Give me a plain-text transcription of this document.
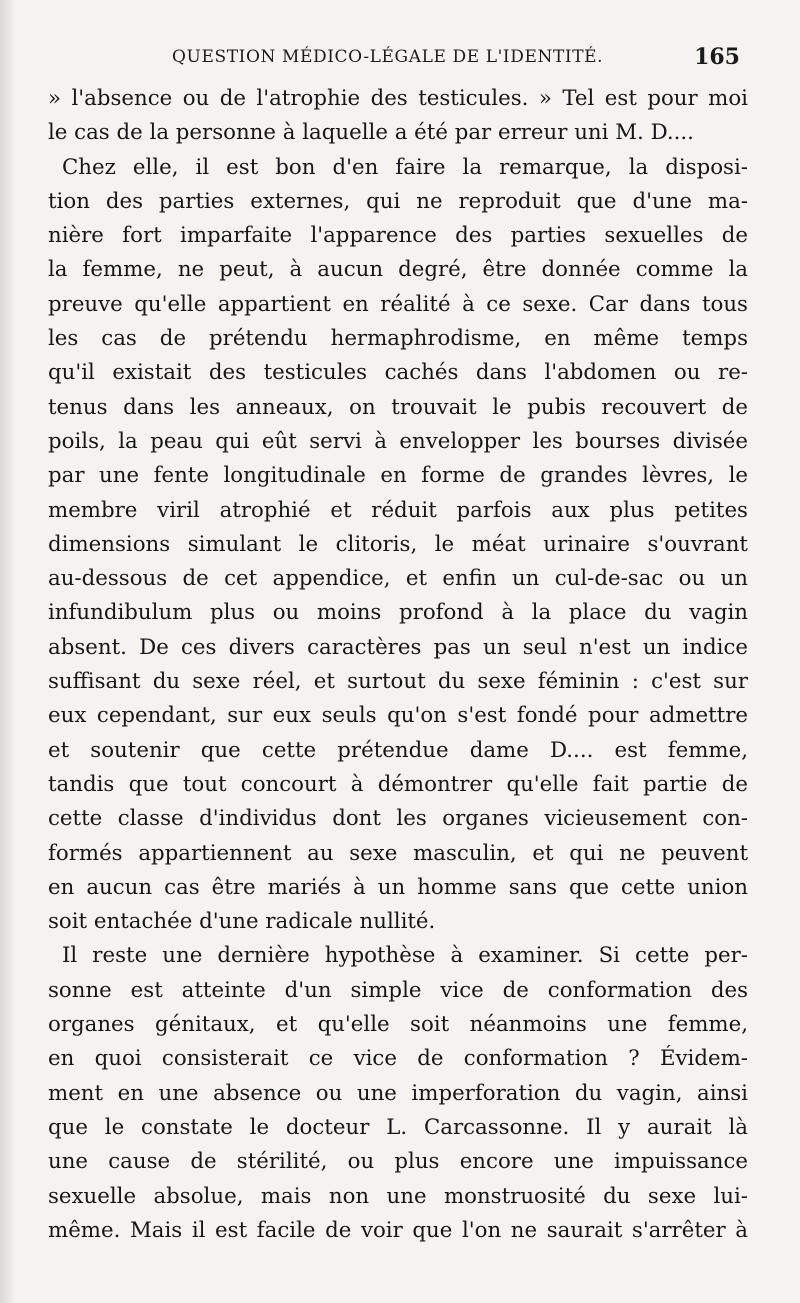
QUESTION MÉDICO-LÉGALE DE L'IDENTITÉ.	165
» l'absence ou de l'atrophie des testicules. » Tel est pour moi
le cas de la personne à laquelle a été par erreur uni M. D....
Chez elle, il est bon d'en faire la remarque, la disposi-
tion des parties externes, qui ne reproduit que d'une ma-
nière fort imparfaite l'apparence des parties sexuelles de
la femme, ne peut, à aucun degré, être donnée comme la
preuve qu'elle appartient en réalité à ce sexe. Car dans tous
les cas de prétendu hermaphrodisme, en même temps
qu'il existait des testicules cachés dans l'abdomen ou re-
tenus dans les anneaux, on trouvait le pubis recouvert de
poils, la peau qui eût servi à envelopper les bourses divisée
par une fente longitudinale en forme de grandes lèvres, le
membre viril atrophié et réduit parfois aux plus petites
dimensions simulant le clitoris, le méat urinaire s'ouvrant
au-dessous de cet appendice, et enfin un cul-de-sac ou un
infundibulum plus ou moins profond à la place du vagin
absent. De ces divers caractères pas un seul n'est un indice
suffisant du sexe réel, et surtout du sexe féminin : c'est sur
eux cependant, sur eux seuls qu'on s'est fondé pour admettre
et soutenir que cette prétendue dame D.... est femme,
tandis que tout concourt à démontrer qu'elle fait partie de
cette classe d'individus dont les organes vicieusement con-
formés appartiennent au sexe masculin, et qui ne peuvent
en aucun cas être mariés à un homme sans que cette union
soit entachée d'une radicale nullité.
Il reste une dernière hypothèse à examiner. Si cette per-
sonne est atteinte d'un simple vice de conformation des
organes génitaux, et qu'elle soit néanmoins une femme,
en quoi consisterait ce vice de conformation ? Évidem-
ment en une absence ou une imperforation du vagin, ainsi
que le constate le docteur L. Carcassonne. Il y aurait là
une cause de stérilité, ou plus encore une impuissance
sexuelle absolue, mais non une monstruosité du sexe lui-
même. Mais il est facile de voir que l'on ne saurait s'arrêter à
